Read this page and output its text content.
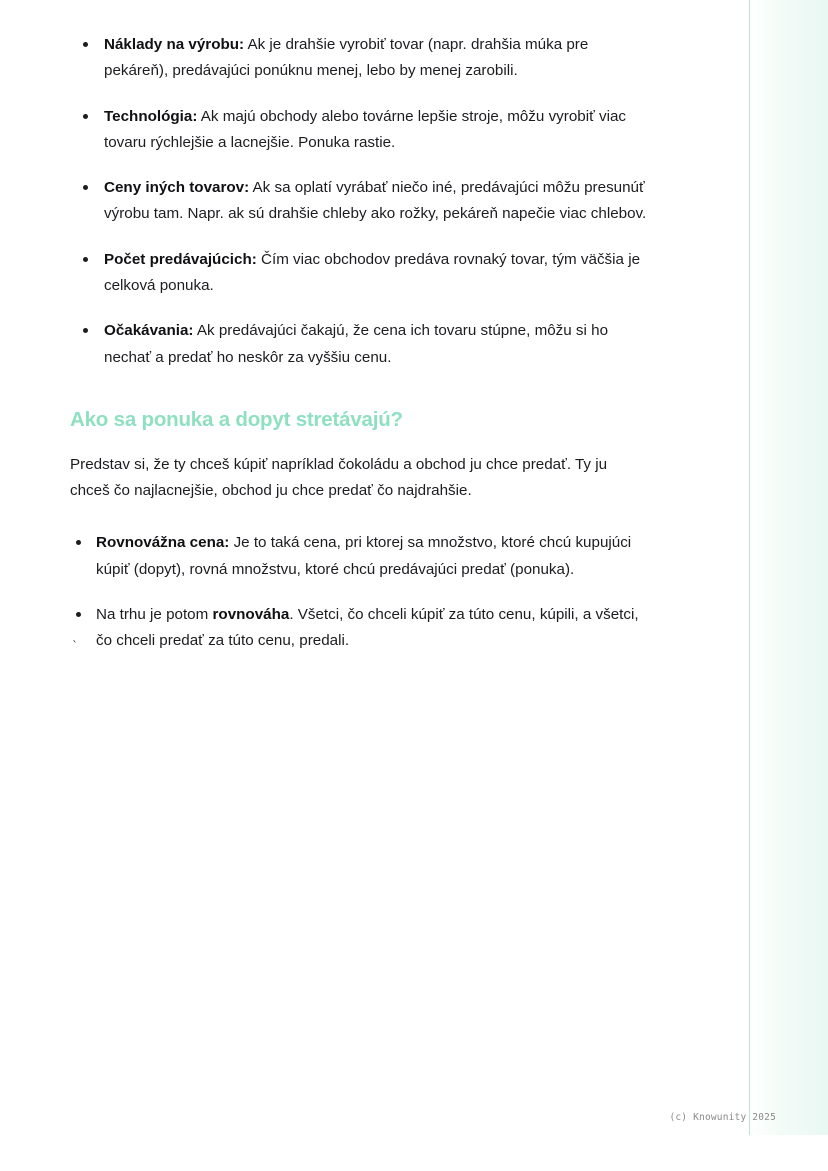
Náklady na výrobu: Ak je drahšie vyrobiť tovar (napr. drahšia múka pre pekáreň), predávajúci ponúknu menej, lebo by menej zarobili.
Technológia: Ak majú obchody alebo továrne lepšie stroje, môžu vyrobiť viac tovaru rýchlejšie a lacnejšie. Ponuka rastie.
Ceny iných tovarov: Ak sa oplatí vyrábať niečo iné, predávajúci môžu presunúť výrobu tam. Napr. ak sú drahšie chleby ako rožky, pekáreň napečie viac chlebov.
Počet predávajúcich: Čím viac obchodov predáva rovnaký tovar, tým väčšia je celková ponuka.
Očakávania: Ak predávajúci čakajú, že cena ich tovaru stúpne, môžu si ho nechať a predať ho neskôr za vyššiu cenu.
Ako sa ponuka a dopyt stretávajú?

Predstav si, že ty chceš kúpiť napríklad čokoládu a obchod ju chce predať. Ty ju chceš čo najlacnejšie, obchod ju chce predať čo najdrahšie.

Rovnovážna cena: Je to taká cena, pri ktorej sa množstvo, ktoré chcú kupujúci kúpiť (dopyt), rovná množstvu, ktoré chcú predávajúci predať (ponuka).
Na trhu je potom rovnováha. Všetci, čo chceli kúpiť za túto cenu, kúpili, a všetci, čo chceli predať za túto cenu, predali.
`
(c) Knowunity 2025
